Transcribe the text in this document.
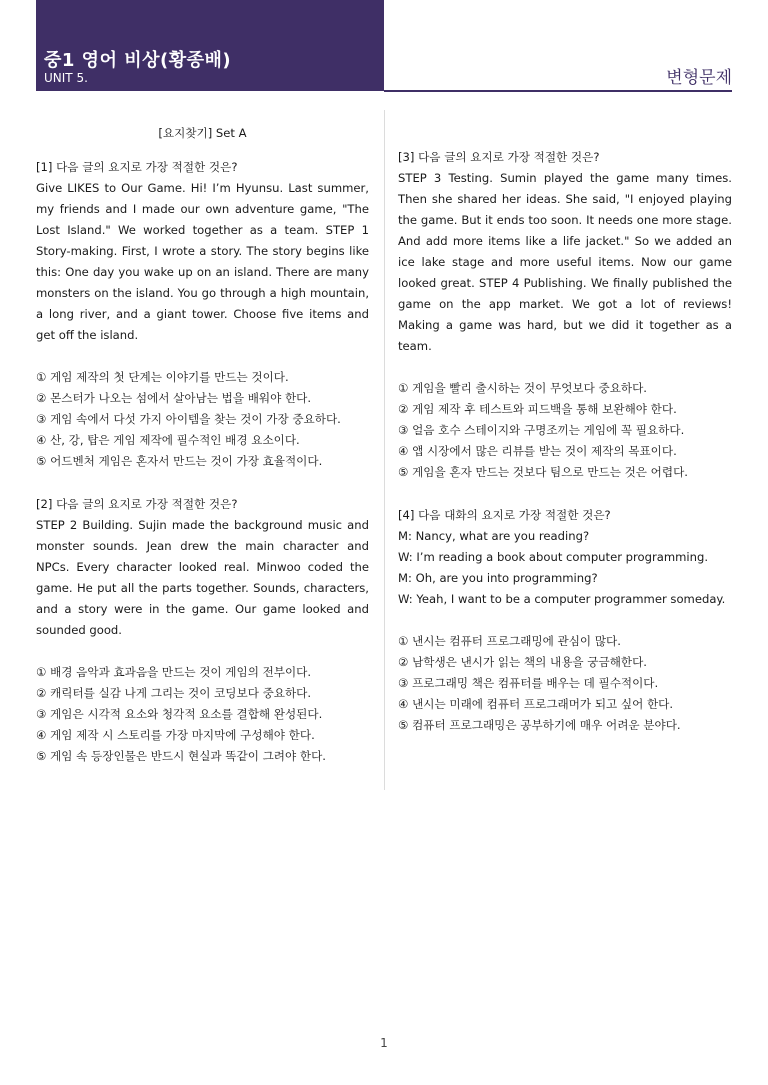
중1 영어 비상(황종배)
UNIT 5.	변형문제
[요지찾기] Set A
[1] 다음 글의 요지로 가장 적절한 것은?

Give LIKES to Our Game. Hi! I’m Hyunsu. Last summer, my friends and I made our own adventure game, "The Lost Island." We worked together as a team. STEP 1 Story-making. First, I wrote a story. The story begins like this: One day you wake up on an island. There are many monsters on the island. You go through a high mountain, a long river, and a giant tower. Choose five items and get off the island.

① 게임 제작의 첫 단계는 이야기를 만드는 것이다.
② 몬스터가 나오는 섬에서 살아남는 법을 배워야 한다.
③ 게임 속에서 다섯 가지 아이템을 찾는 것이 가장 중요하다.
④ 산, 강, 탑은 게임 제작에 필수적인 배경 요소이다.
⑤ 어드벤처 게임은 혼자서 만드는 것이 가장 효율적이다.
[2] 다음 글의 요지로 가장 적절한 것은?

STEP 2 Building. Sujin made the background music and monster sounds. Jean drew the main character and NPCs. Every character looked real. Minwoo coded the game. He put all the parts together. Sounds, characters, and a story were in the game. Our game looked and sounded good.

① 배경 음악과 효과음을 만드는 것이 게임의 전부이다.
② 캐릭터를 실감 나게 그리는 것이 코딩보다 중요하다.
③ 게임은 시각적 요소와 청각적 요소를 결합해 완성된다.
④ 게임 제작 시 스토리를 가장 마지막에 구성해야 한다.
⑤ 게임 속 등장인물은 반드시 현실과 똑같이 그려야 한다.
[3] 다음 글의 요지로 가장 적절한 것은?

STEP 3 Testing. Sumin played the game many times. Then she shared her ideas. She said, "I enjoyed playing the game. But it ends too soon. It needs one more stage. And add more items like a life jacket." So we added an ice lake stage and more useful items. Now our game looked great. STEP 4 Publishing. We finally published the game on the app market. We got a lot of reviews! Making a game was hard, but we did it together as a team.

① 게임을 빨리 출시하는 것이 무엇보다 중요하다.
② 게임 제작 후 테스트와 피드백을 통해 보완해야 한다.
③ 얼음 호수 스테이지와 구명조끼는 게임에 꼭 필요하다.
④ 앱 시장에서 많은 리뷰를 받는 것이 제작의 목표이다.
⑤ 게임을 혼자 만드는 것보다 팀으로 만드는 것은 어렵다.
[4] 다음 대화의 요지로 가장 적절한 것은?

M: Nancy, what are you reading?

W: I’m reading a book about computer programming.

M: Oh, are you into programming?

W: Yeah, I want to be a computer programmer someday.

① 낸시는 컴퓨터 프로그래밍에 관심이 많다.
② 남학생은 낸시가 읽는 책의 내용을 궁금해한다.
③ 프로그래밍 책은 컴퓨터를 배우는 데 필수적이다.
④ 낸시는 미래에 컴퓨터 프로그래머가 되고 싶어 한다.
⑤ 컴퓨터 프로그래밍은 공부하기에 매우 어려운 분야다.
1
